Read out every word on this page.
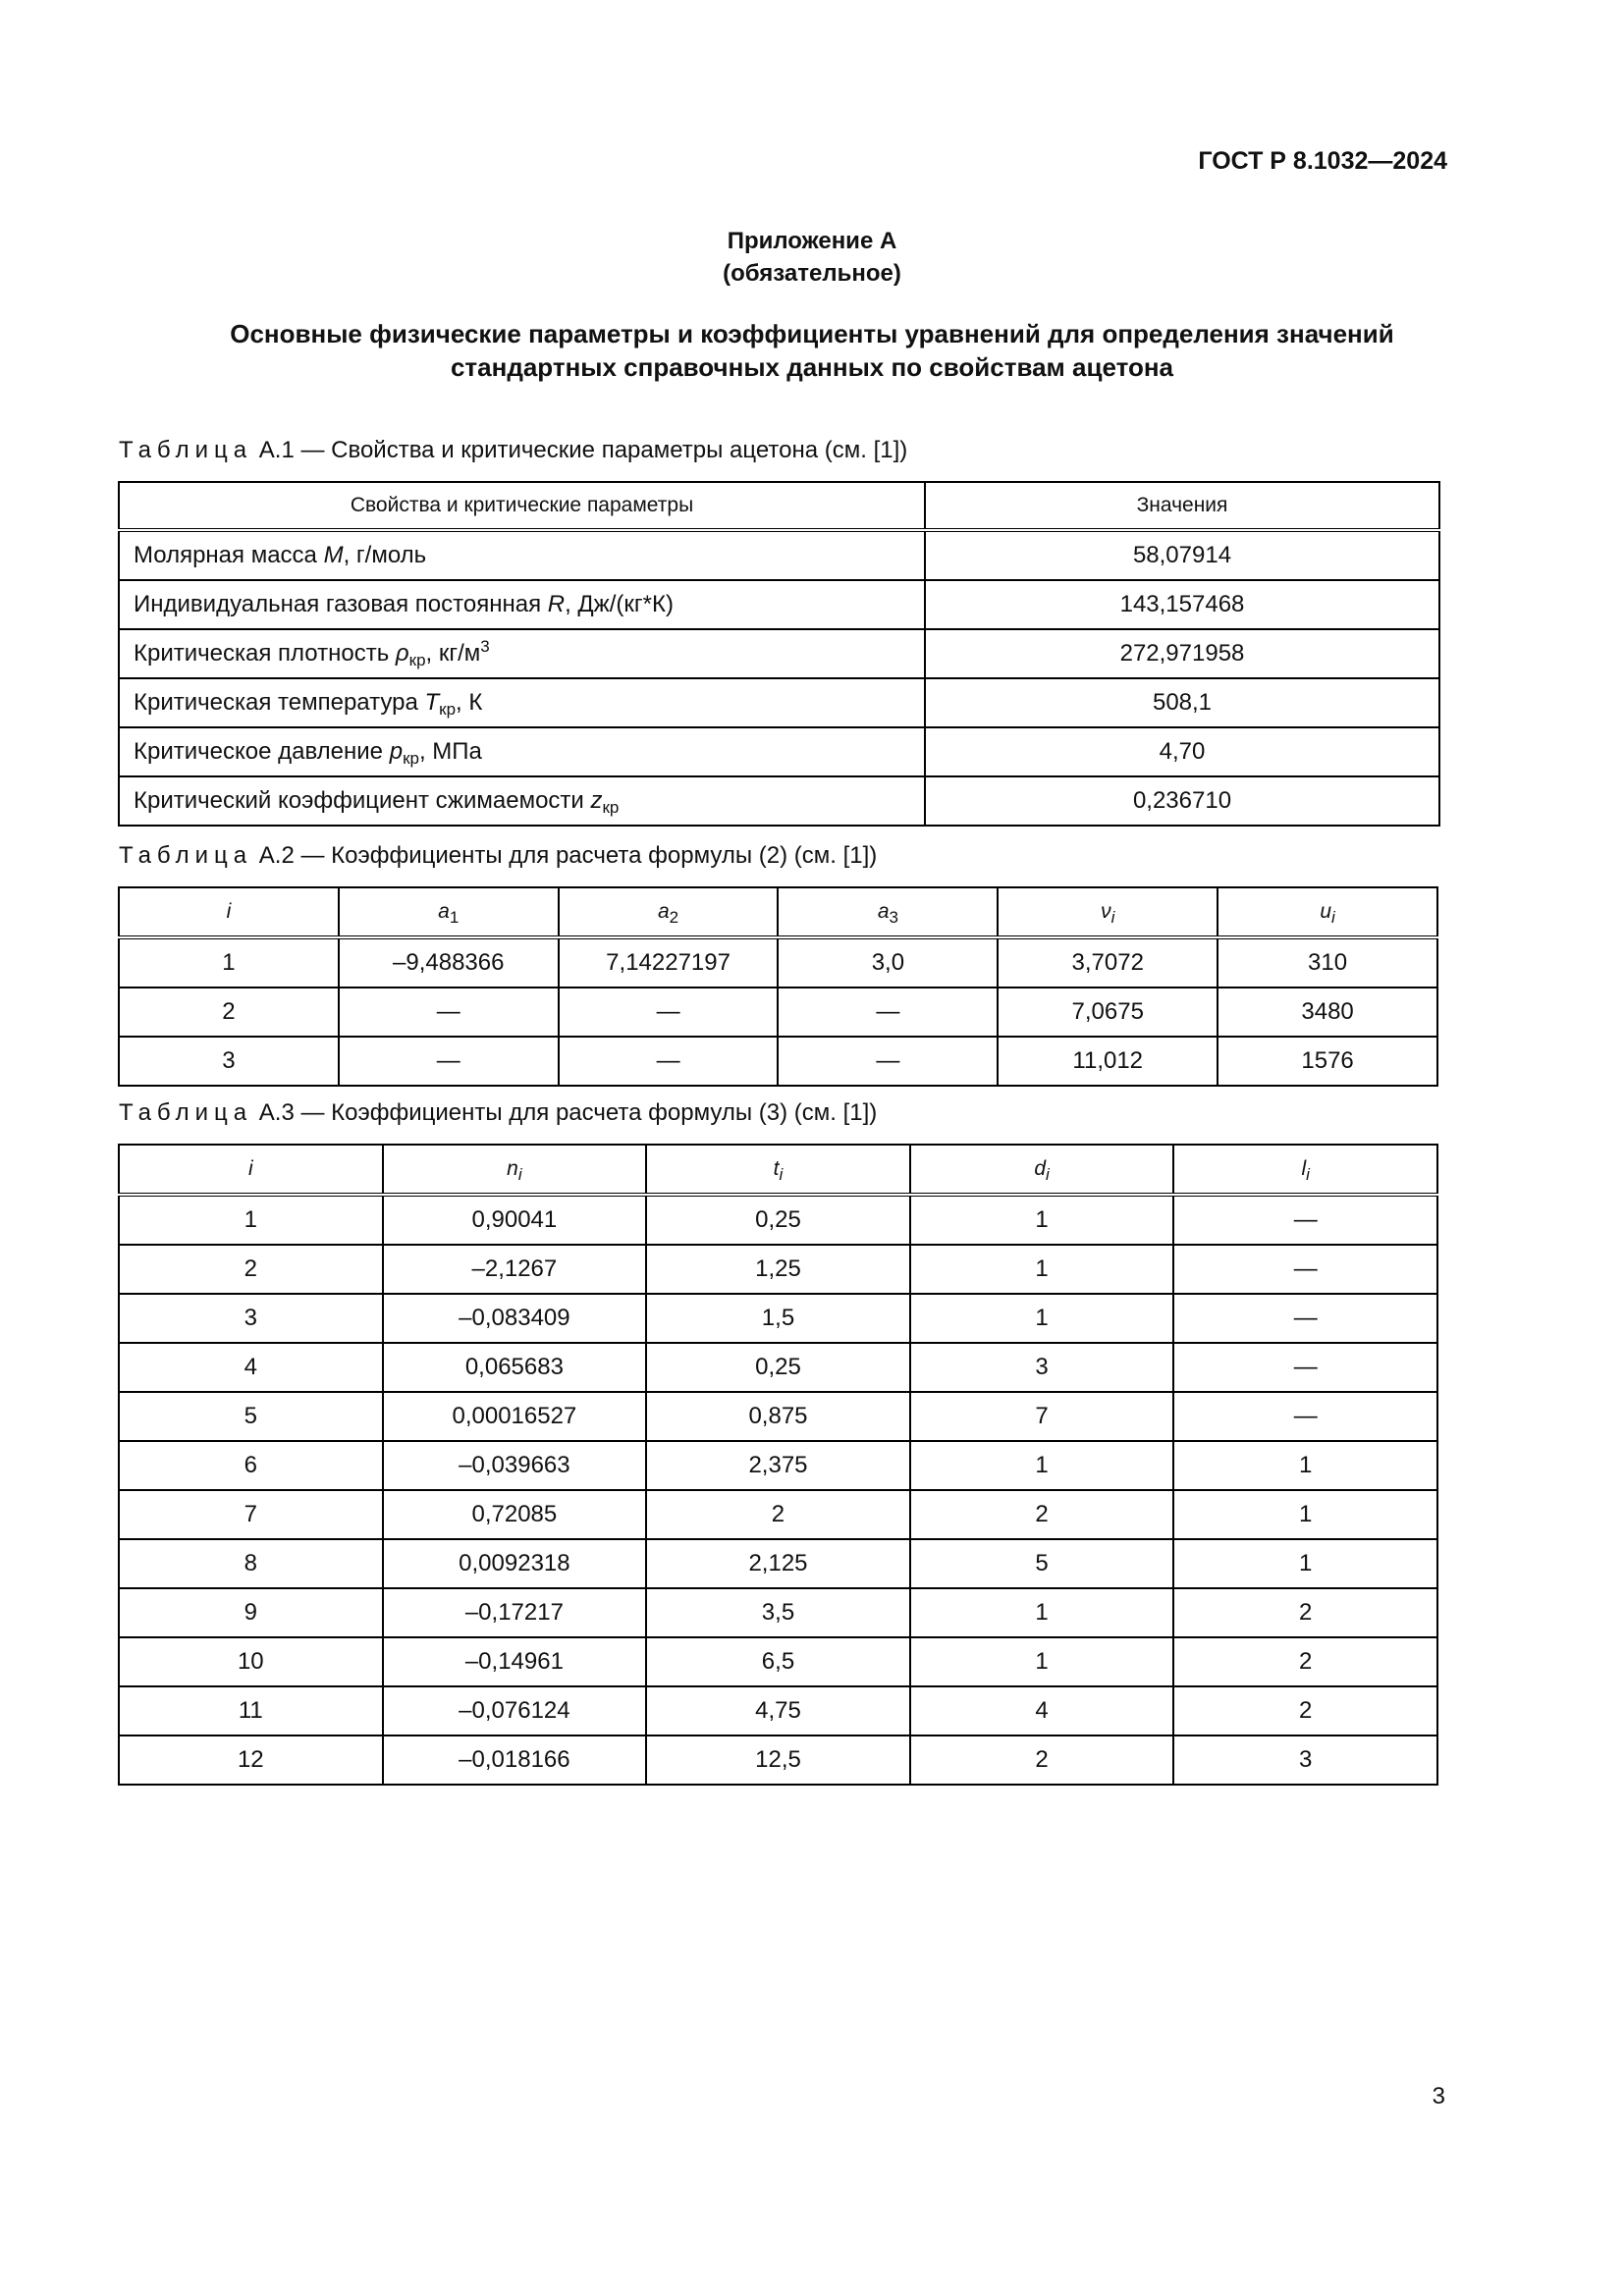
ГОСТ Р 8.1032—2024
Приложение А
(обязательное)
Основные физические параметры и коэффициенты уравнений для определения значений
стандартных справочных данных по свойствам ацетона
Таблица А.1 — Свойства и критические параметры ацетона (см. [1])
Свойства и критические параметры	Значения
Молярная масса M, г/моль	58,07914
Индивидуальная газовая постоянная R, Дж/(кг*К)	143,157468
Критическая плотность $\rho_{кр}$, $кг/м^3$	272,971958
Критическая температура $T_{кр}$, К	508,1
Критическое давление $p_{кр}$, МПа	4,70
Критический коэффициент сжимаемости $z_{кр}$	0,236710
Таблица А.2 — Коэффициенты для расчета формулы (2) (см. [1])
i	$a_1$	$a_2$	$a_3$	$\nu_i$	$u_i$
1	–9,488366	7,14227197	3,0	3,7072	310
2	—	—	—	7,0675	3480
3	—	—	—	11,012	1576
Таблица А.3 — Коэффициенты для расчета формулы (3) (см. [1])
i	$n_i$	$t_i$	$d_i$	$l_i$
1	0,90041	0,25	1	—
2	–2,1267	1,25	1	—
3	–0,083409	1,5	1	—
4	0,065683	0,25	3	—
5	0,00016527	0,875	7	—
6	–0,039663	2,375	1	1
7	0,72085	2	2	1
8	0,0092318	2,125	5	1
9	–0,17217	3,5	1	2
10	–0,14961	6,5	1	2
11	–0,076124	4,75	4	2
12	–0,018166	12,5	2	3
3
